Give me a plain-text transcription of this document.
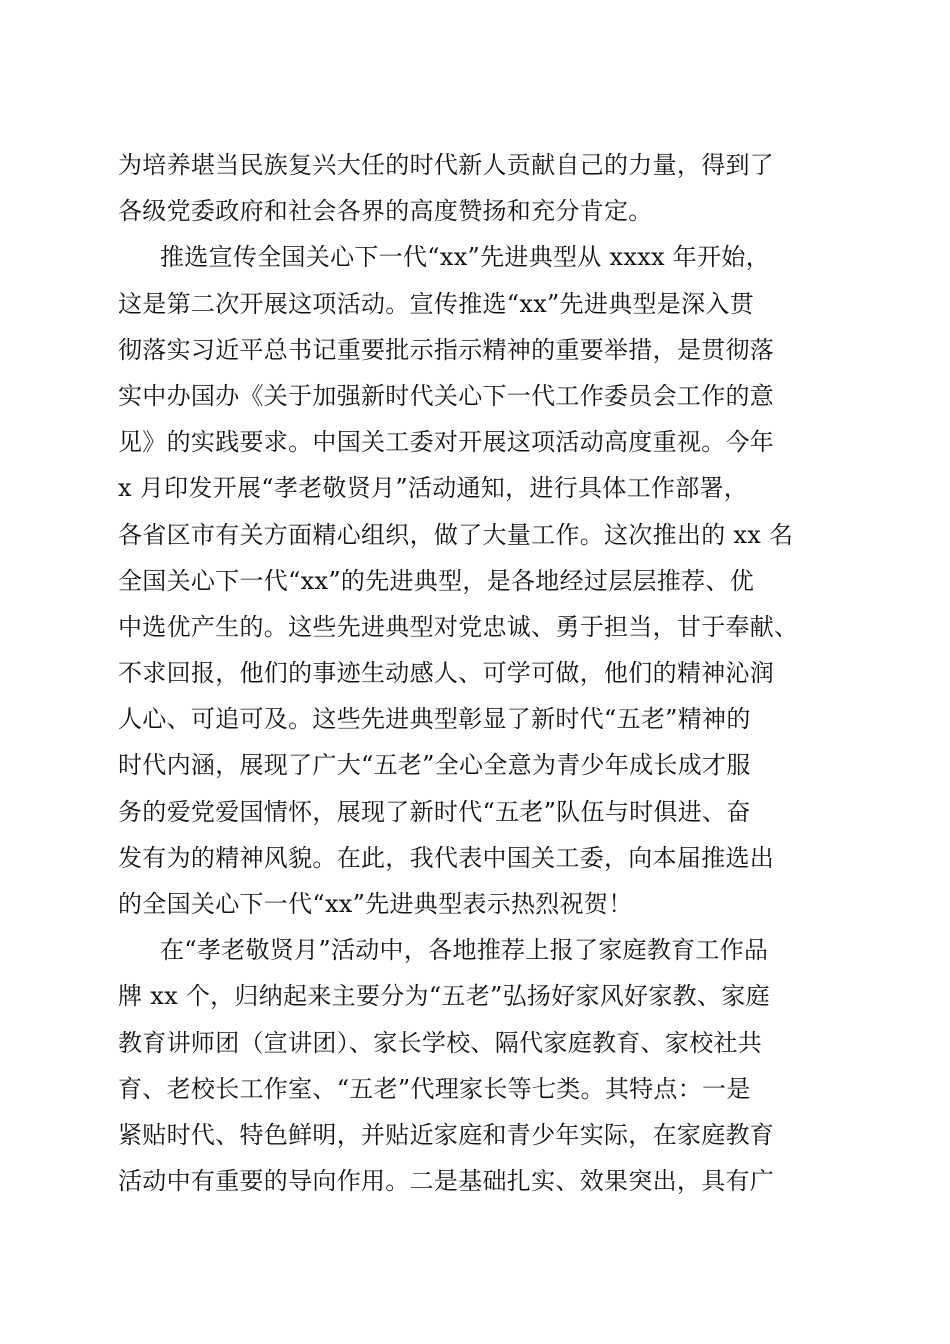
为培养堪当民族复兴大任的时代新人贡献自己的力量，得到了

各级党委政府和社会各界的高度赞扬和充分肯定。

推选宣传全国关心下一代“xx”先进典型从 xxxx 年开始，

这是第二次开展这项活动。宣传推选“xx”先进典型是深入贯

彻落实习近平总书记重要批示指示精神的重要举措，是贯彻落

实中办国办《关于加强新时代关心下一代工作委员会工作的意

见》的实践要求。中国关工委对开展这项活动高度重视。今年

x 月印发开展“孝老敬贤月”活动通知，进行具体工作部署，

各省区市有关方面精心组织，做了大量工作。这次推出的 xx 名

全国关心下一代“xx”的先进典型，是各地经过层层推荐、优

中选优产生的。这些先进典型对党忠诚、勇于担当，甘于奉献、

不求回报，他们的事迹生动感人、可学可做，他们的精神沁润

人心、可追可及。这些先进典型彰显了新时代“五老”精神的

时代内涵，展现了广大“五老”全心全意为青少年成长成才服

务的爱党爱国情怀，展现了新时代“五老”队伍与时俱进、奋

发有为的精神风貌。在此，我代表中国关工委，向本届推选出

的全国关心下一代“xx”先进典型表示热烈祝贺！

在“孝老敬贤月”活动中，各地推荐上报了家庭教育工作品

牌 xx 个，归纳起来主要分为“五老”弘扬好家风好家教、家庭

教育讲师团（宣讲团）、家长学校、隔代家庭教育、家校社共

育、老校长工作室、“五老”代理家长等七类。其特点：一是

紧贴时代、特色鲜明，并贴近家庭和青少年实际，在家庭教育

活动中有重要的导向作用。二是基础扎实、效果突出，具有广
